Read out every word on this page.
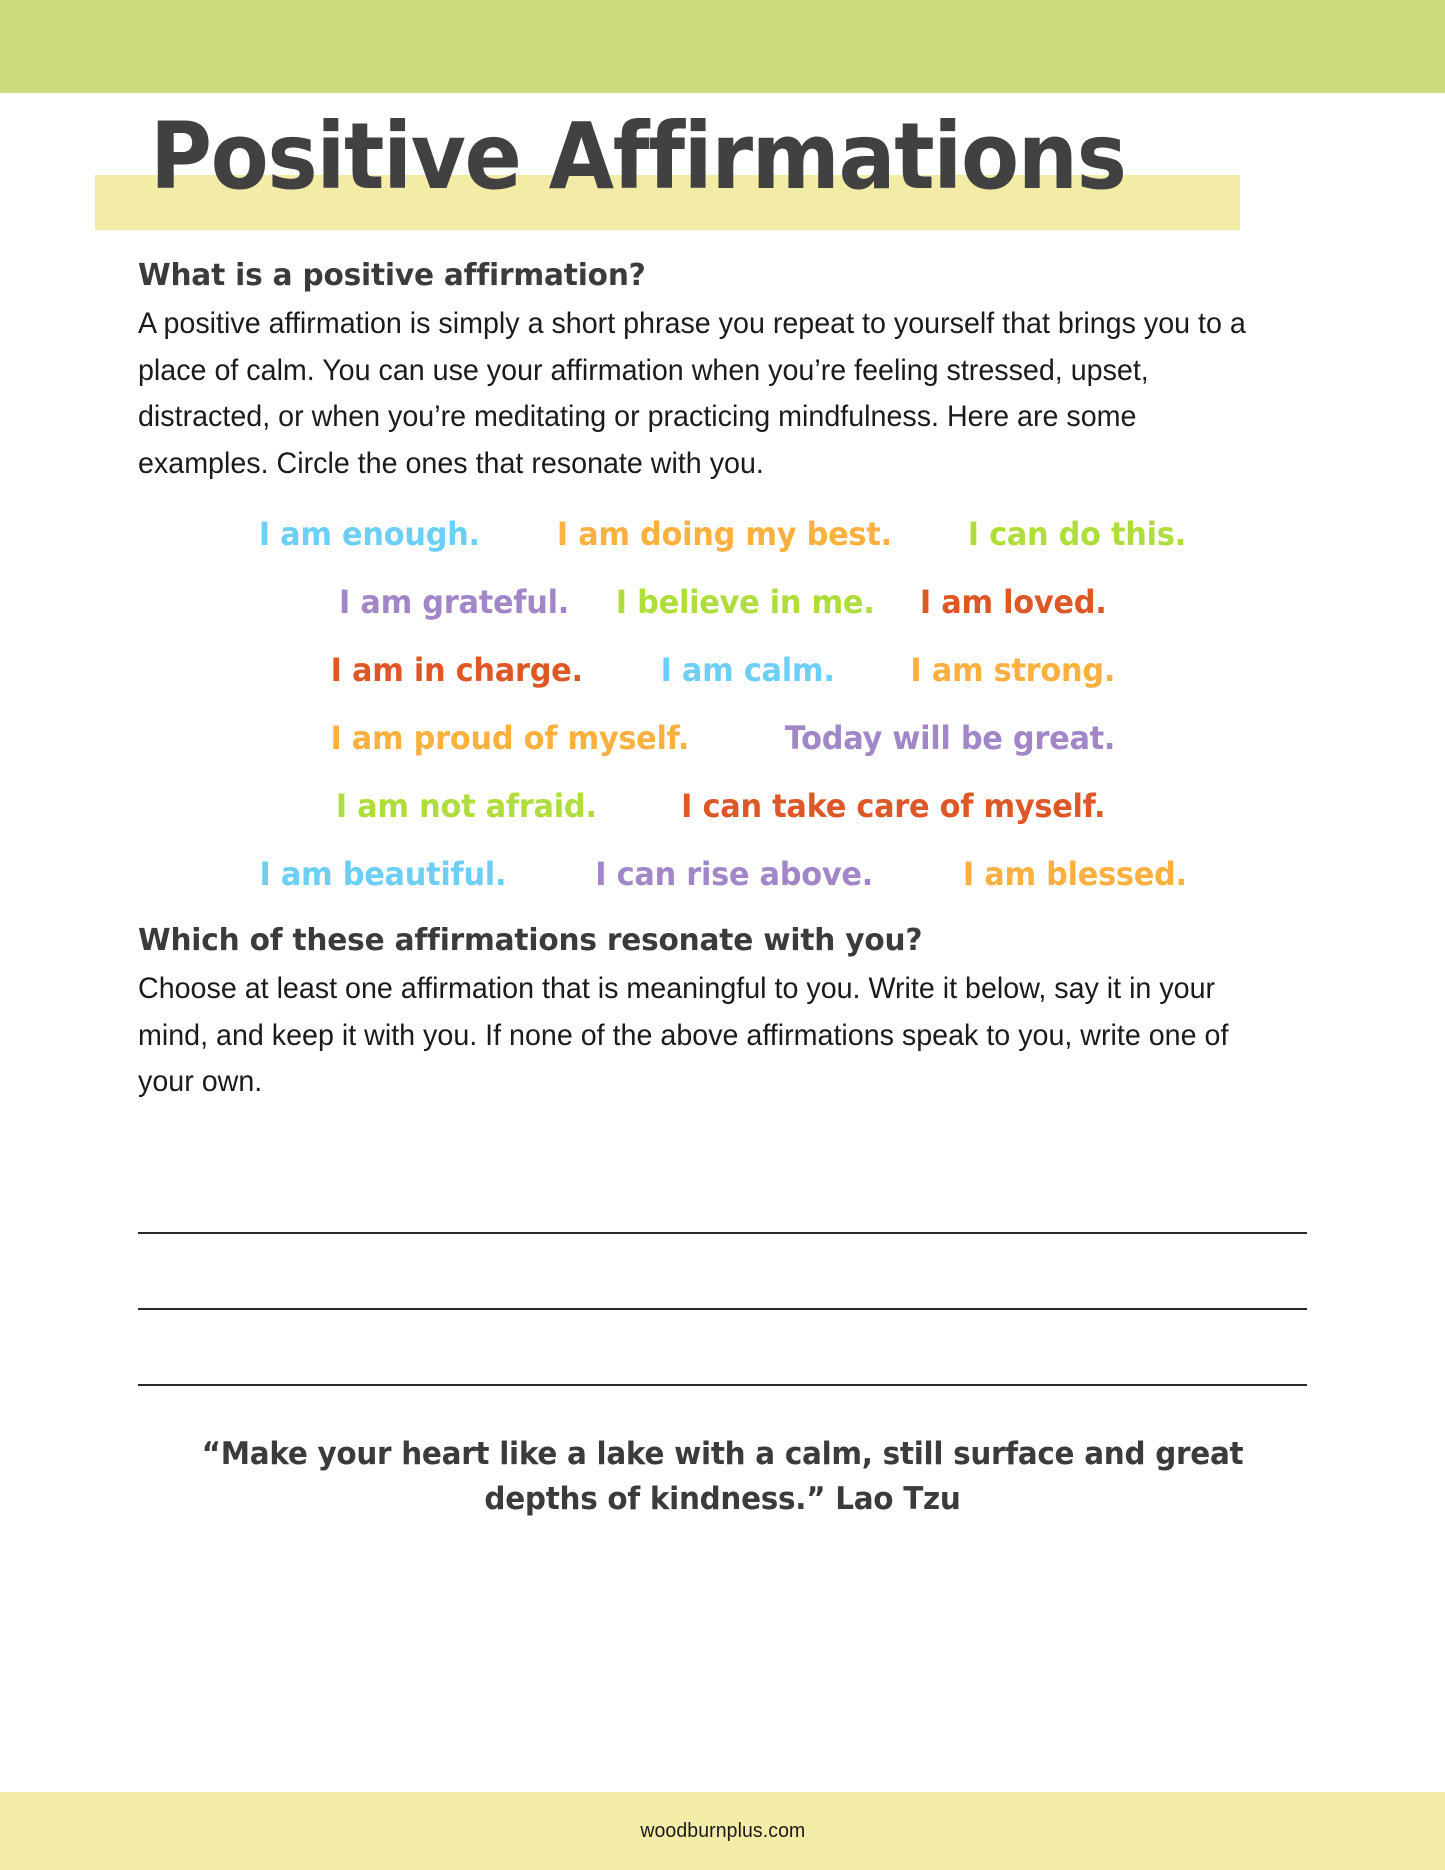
Positive Affirmations
What is a positive affirmation?

A positive affirmation is simply a short phrase you repeat to yourself that brings you to a place of calm. You can use your affirmation when you’re feeling stressed, upset, distracted, or when you’re meditating or practicing mindfulness. Here are some examples. Circle the ones that resonate with you.

I am enough. I am doing my best. I can do this.
I am grateful. I believe in me. I am loved.
I am in charge. I am calm. I am strong.
I am proud of myself.	Today will be great.
I am not afraid.	I can take care of myself.
I am beautiful.	I can rise above.	I am blessed.
Which of these affirmations resonate with you?

Choose at least one affirmation that is meaningful to you. Write it below, say it in your mind, and keep it with you. If none of the above affirmations speak to you, write one of your own.

“Make your heart like a lake with a calm, still surface and great depths of kindness.” Lao Tzu
woodburnplus.com
